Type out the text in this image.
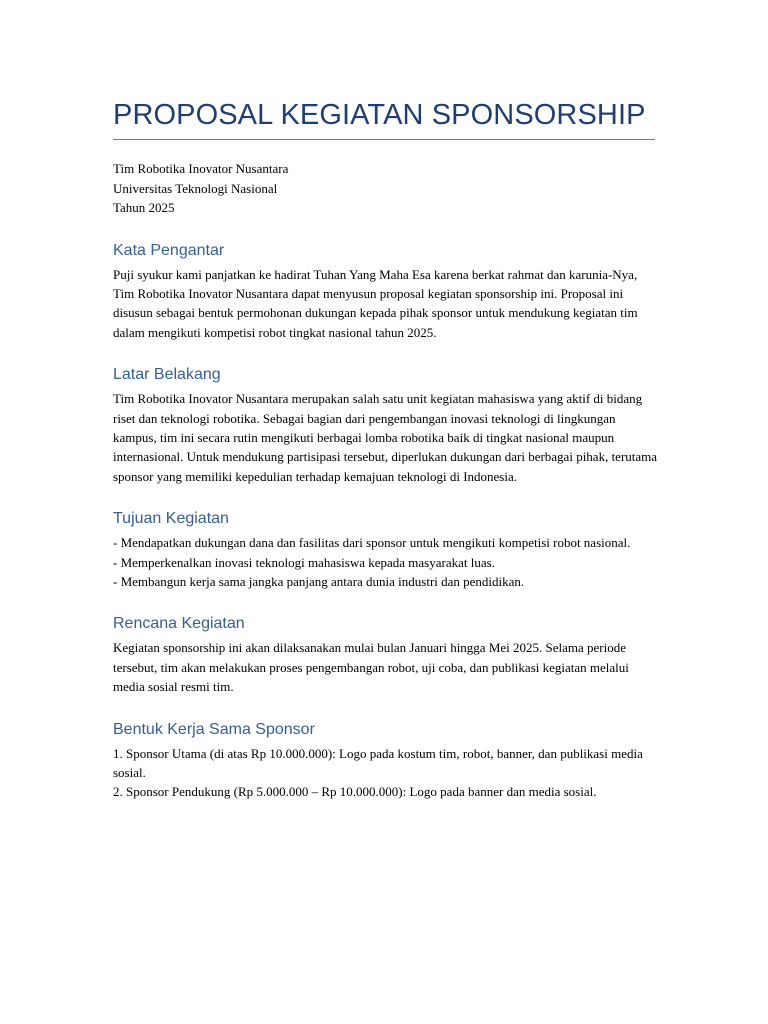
PROPOSAL KEGIATAN SPONSORSHIP
Tim Robotika Inovator Nusantara
Universitas Teknologi Nasional
Tahun 2025
Kata Pengantar

Puji syukur kami panjatkan ke hadirat Tuhan Yang Maha Esa karena berkat rahmat dan karunia-Nya, Tim Robotika Inovator Nusantara dapat menyusun proposal kegiatan sponsorship ini. Proposal ini disusun sebagai bentuk permohonan dukungan kepada pihak sponsor untuk mendukung kegiatan tim dalam mengikuti kompetisi robot tingkat nasional tahun 2025.

Latar Belakang

Tim Robotika Inovator Nusantara merupakan salah satu unit kegiatan mahasiswa yang aktif di bidang riset dan teknologi robotika. Sebagai bagian dari pengembangan inovasi teknologi di lingkungan kampus, tim ini secara rutin mengikuti berbagai lomba robotika baik di tingkat nasional maupun internasional. Untuk mendukung partisipasi tersebut, diperlukan dukungan dari berbagai pihak, terutama sponsor yang memiliki kepedulian terhadap kemajuan teknologi di Indonesia.

Tujuan Kegiatan
- Mendapatkan dukungan dana dan fasilitas dari sponsor untuk mengikuti kompetisi robot nasional.
- Memperkenalkan inovasi teknologi mahasiswa kepada masyarakat luas.
- Membangun kerja sama jangka panjang antara dunia industri dan pendidikan.
Rencana Kegiatan

Kegiatan sponsorship ini akan dilaksanakan mulai bulan Januari hingga Mei 2025. Selama periode tersebut, tim akan melakukan proses pengembangan robot, uji coba, dan publikasi kegiatan melalui media sosial resmi tim.

Bentuk Kerja Sama Sponsor
1. Sponsor Utama (di atas Rp 10.000.000): Logo pada kostum tim, robot, banner, dan publikasi media sosial.
2. Sponsor Pendukung (Rp 5.000.000 – Rp 10.000.000): Logo pada banner dan media sosial.
